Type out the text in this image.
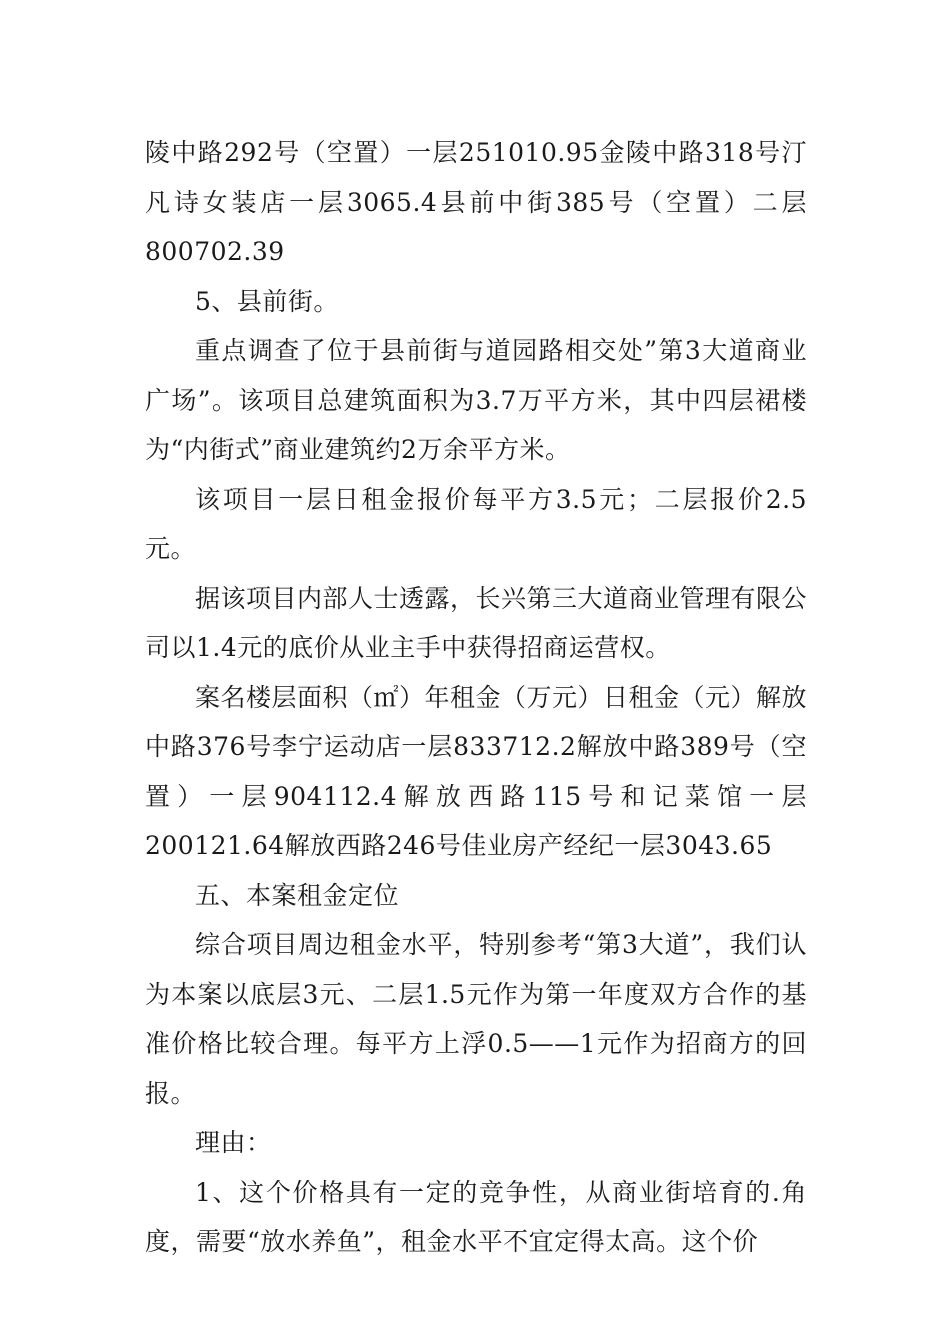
陵中路292号（空置）一层251010.95金陵中路318号汀凡诗女装店一层3065.4县前中街385号（空置）二层800702.39

5、县前街。

重点调查了位于县前街与道园路相交处”第3大道商业广场”。该项目总建筑面积为3.7万平方米，其中四层裙楼为“内街式”商业建筑约2万余平方米。

该项目一层日租金报价每平方3.5元；二层报价2.5元。

据该项目内部人士透露，长兴第三大道商业管理有限公司以1.4元的底价从业主手中获得招商运营权。

案名楼层面积（㎡）年租金（万元）日租金（元）解放中路376号李宁运动店一层833712.2解放中路389号（空置）一层904112.4解放西路115号和记菜馆一层200121.64解放西路246号佳业房产经纪一层3043.65

五、本案租金定位

综合项目周边租金水平，特别参考“第3大道”，我们认为本案以底层3元、二层1.5元作为第一年度双方合作的基准价格比较合理。每平方上浮0.5——1元作为招商方的回报。

理由：

1、这个价格具有一定的竞争性，从商业街培育的.角度，需要“放水养鱼”，租金水平不宜定得太高。这个价
